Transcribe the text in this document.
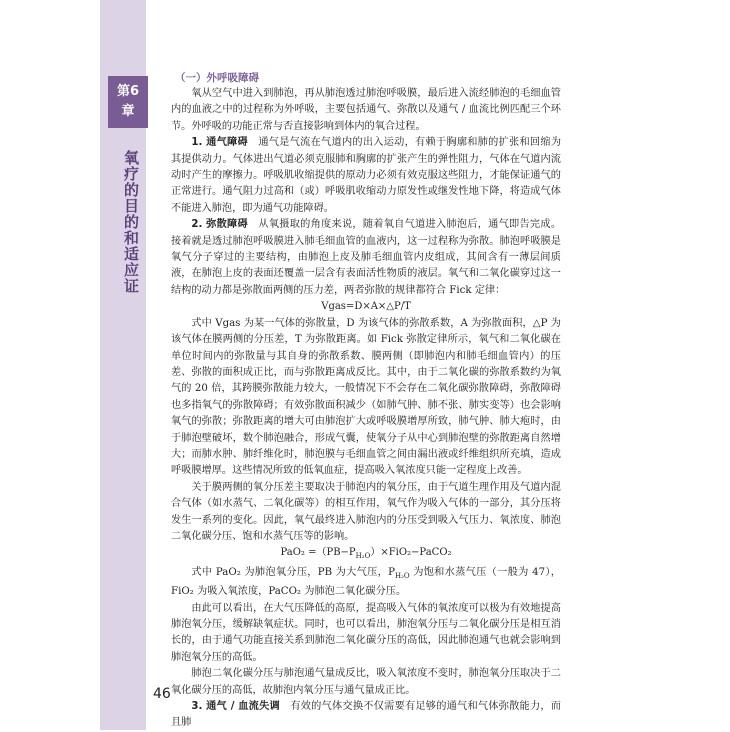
第6
章
氧疗的目的和适应证
（一）外呼吸障碍

氧从空气中进入到肺泡，再从肺泡透过肺泡呼吸膜，最后进入流经肺泡的毛细血管内的血液之中的过程称为外呼吸，主要包括通气、弥散以及通气 / 血流比例匹配三个环节。外呼吸的功能正常与否直接影响到体内的氧合过程。

1. 通气障碍　 通气是气流在气道内的出入运动，有赖于胸廓和肺的扩张和回缩为其提供动力。气体进出气道必须克服肺和胸廓的扩张产生的弹性阻力，气体在气道内流动时产生的摩擦力。呼吸肌收缩提供的原动力必须有效克服这些阻力，才能保证通气的正常进行。通气阻力过高和（或）呼吸肌收缩动力原发性或继发性地下降，将造成气体不能进入肺泡，即为通气功能障碍。

2. 弥散障碍　 从氧摄取的角度来说，随着氧自气道进入肺泡后，通气即告完成。接着就是透过肺泡呼吸膜进入肺毛细血管的血液内，这一过程称为弥散。肺泡呼吸膜是氧气分子穿过的主要结构，由肺泡上皮及肺毛细血管内皮组成，其间含有一薄层间质液，在肺泡上皮的表面还覆盖一层含有表面活性物质的液层。氧气和二氧化碳穿过这一结构的动力都是弥散面两侧的压力差，两者弥散的规律都符合 Fick 定律：

Vgas=D×A×△P/T

式中 Vgas 为某一气体的弥散量，D 为该气体的弥散系数，A 为弥散面积，△P 为该气体在膜两侧的分压差，T 为弥散距离。如 Fick 弥散定律所示，氧气和二氧化碳在单位时间内的弥散量与其自身的弥散系数、膜两侧（即肺泡内和肺毛细血管内）的压差、弥散的面积成正比，而与弥散距离成反比。其中，由于二氧化碳的弥散系数约为氧气的 20 倍，其跨膜弥散能力较大，一般情况下不会存在二氧化碳弥散障碍，弥散障碍也多指氧气的弥散障碍；有效弥散面积减少（如肺气肿、肺不张、肺实变等）也会影响氧气的弥散；弥散距离的增大可由肺泡扩大或呼吸膜增厚所致，肺气肿、肺大疱时，由于肺泡壁破坏，数个肺泡融合，形成气囊，使氧分子从中心到肺泡壁的弥散距离自然增大；而肺水肿、肺纤维化时，肺泡膜与毛细血管之间由漏出液或纤维组织所充填，造成呼吸膜增厚。这些情况所致的低氧血症，提高吸入氧浓度只能一定程度上改善。

关于膜两侧的氧分压差主要取决于肺泡内的氧分压，由于气道生理作用及气道内混合气体（如水蒸气、二氧化碳等）的相互作用，氧气作为吸入气体的一部分，其分压将发生一系列的变化。因此，氧气最终进入肺泡内的分压受到吸入气压力、氧浓度、肺泡二氧化碳分压、饱和水蒸气压等的影响。

$PaO_2 =(PB-P_{H_2O})\times FiO_2-PaCO_2$

式中 PaO₂ 为肺泡氧分压，PB 为大气压，$P_{H_2O}$ 为饱和水蒸气压（一般为 47），FiO₂ 为吸入氧浓度，PaCO₂ 为肺泡二氧化碳分压。

由此可以看出，在大气压降低的高原，提高吸入气体的氧浓度可以极为有效地提高肺泡氧分压，缓解缺氧症状。同时，也可以看出，肺泡氧分压与二氧化碳分压是相互消长的，由于通气功能直接关系到肺泡二氧化碳分压的高低，因此肺泡通气也就会影响到肺泡氧分压的高低。

肺泡二氧化碳分压与肺泡通气量成反比，吸入氧浓度不变时，肺泡氧分压取决于二氧化碳分压的高低，故肺泡内氧分压与通气量成正比。

3. 通气 / 血流失调　 有效的气体交换不仅需要有足够的通气和气体弥散能力，而且肺

46
